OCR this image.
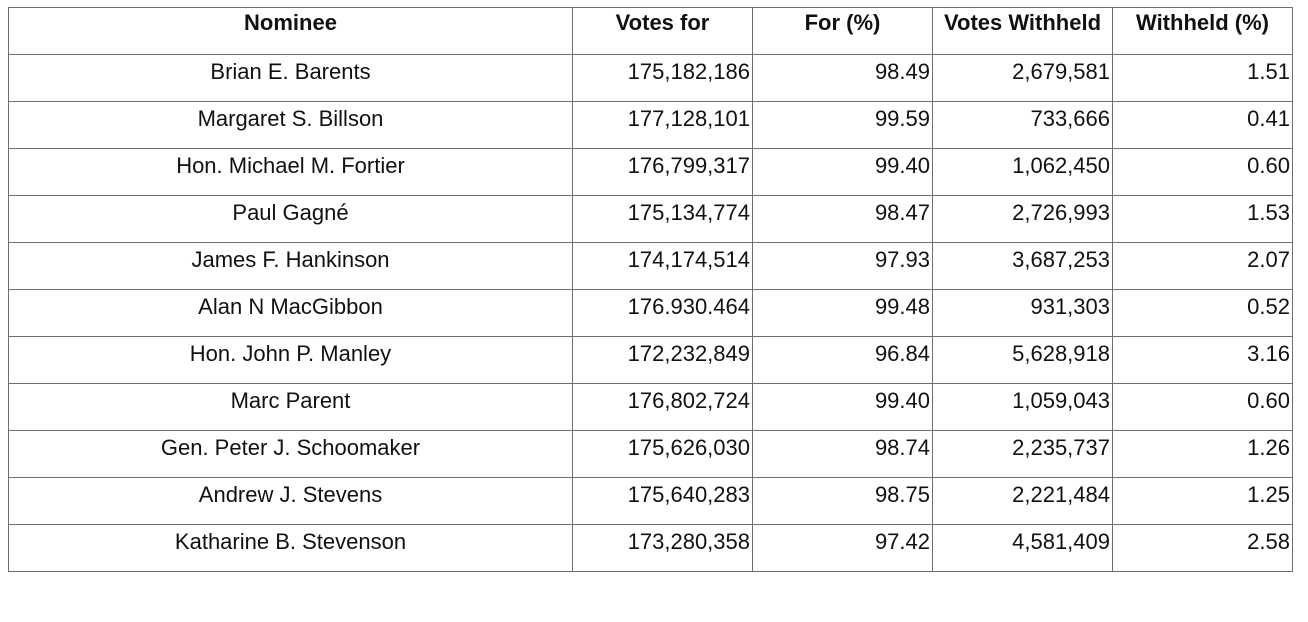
Nominee	Votes for	For (%)	Votes Withheld	Withheld (%)
Brian E. Barents	175,182,186	98.49	2,679,581	1.51
Margaret S. Billson	177,128,101	99.59	733,666	0.41
Hon. Michael M. Fortier	176,799,317	99.40	1,062,450	0.60
Paul Gagné	175,134,774	98.47	2,726,993	1.53
James F. Hankinson	174,174,514	97.93	3,687,253	2.07
Alan N MacGibbon	176.930.464	99.48	931,303	0.52
Hon. John P. Manley	172,232,849	96.84	5,628,918	3.16
Marc Parent	176,802,724	99.40	1,059,043	0.60
Gen. Peter J. Schoomaker	175,626,030	98.74	2,235,737	1.26
Andrew J. Stevens	175,640,283	98.75	2,221,484	1.25
Katharine B. Stevenson	173,280,358	97.42	4,581,409	2.58
